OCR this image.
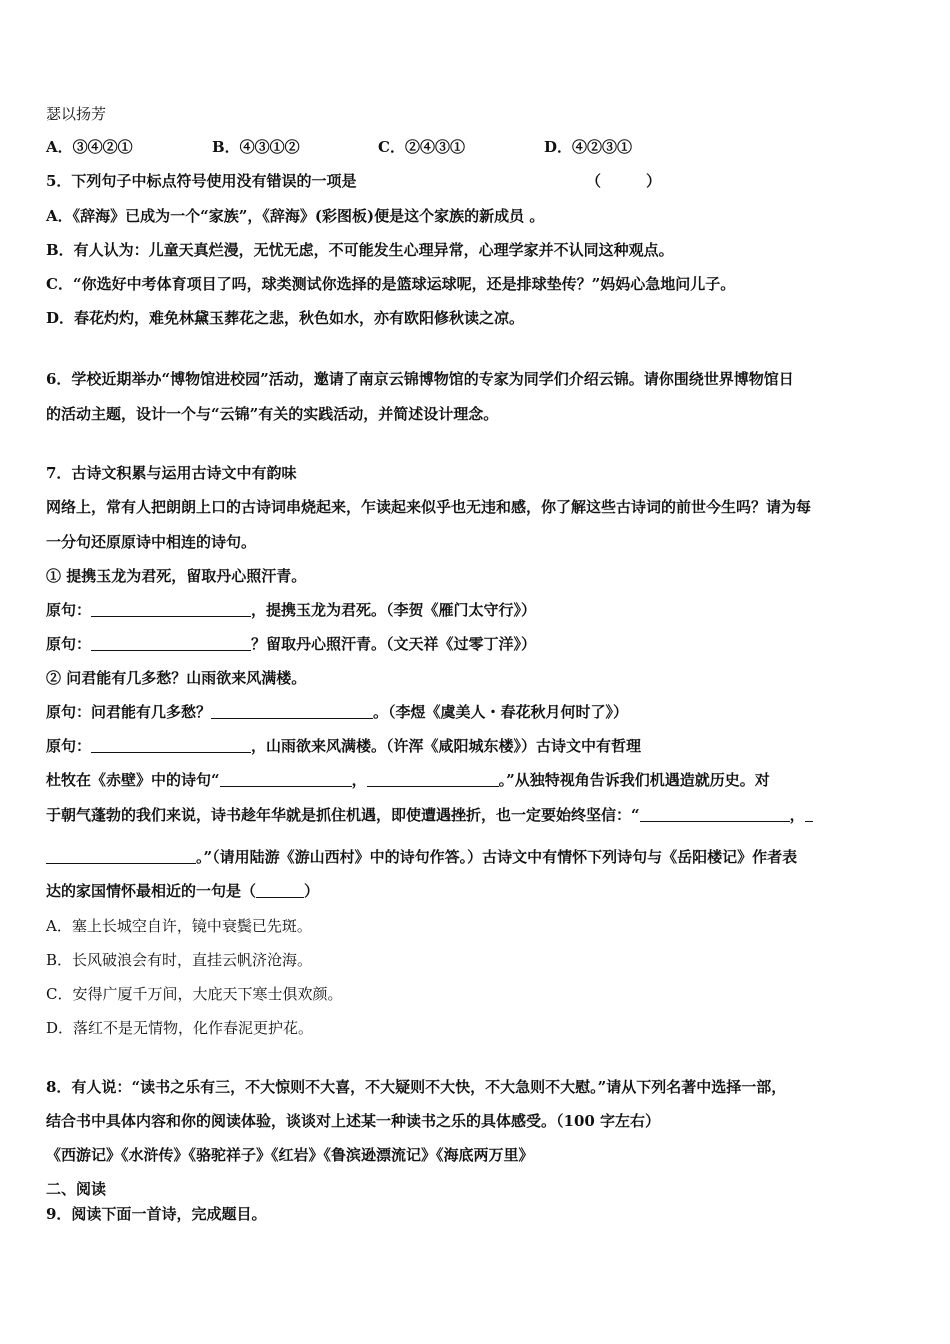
瑟以扬芳
A．③④②①	B．④③①②	C．②④③①	D．④②③①
5．下列句子中标点符号使用没有错误的一项是	（　　　）
A．《辞海》已成为一个“家族”，《辞海》(彩图板)便是这个家族的新成员 。
B．有人认为：儿童天真烂漫，无忧无虑，不可能发生心理异常，心理学家并不认同这种观点。
C．“你选好中考体育项目了吗，球类测试你选择的是篮球运球呢，还是排球垫传？”妈妈心急地问儿子。
D．春花灼灼，难免林黛玉葬花之悲，秋色如水，亦有欧阳修秋读之凉。
6．学校近期举办“博物馆进校园”活动，邀请了南京云锦博物馆的专家为同学们介绍云锦。请你围绕世界博物馆日
的活动主题，设计一个与“云锦”有关的实践活动，并简述设计理念。
7．古诗文积累与运用古诗文中有韵味
网络上，常有人把朗朗上口的古诗词串烧起来，乍读起来似乎也无违和感，你了解这些古诗词的前世今生吗？请为每
一分句还原原诗中相连的诗句。
① 提携玉龙为君死，留取丹心照汗青。
原句：	，提携玉龙为君死。（李贺《雁门太守行》）
原句：	？留取丹心照汗青。（文天祥《过零丁洋》）
② 问君能有几多愁？山雨欲来风满楼。
原句：问君能有几多愁？	。（李煜《虞美人・春花秋月何时了》）
原句：	，山雨欲来风满楼。（许浑《咸阳城东楼》）古诗文中有哲理
杜牧在《赤壁》中的诗句“	，	。”从独特视角告诉我们机遇造就历史。对
于朝气蓬勃的我们来说，诗书趁年华就是抓住机遇，即使遭遇挫折，也一定要始终坚信：“	，
。”（请用陆游《游山西村》中的诗句作答。）古诗文中有情怀下列诗句与《岳阳楼记》作者表
达的家国情怀最相近的一句是（	）
A．塞上长城空自许，镜中衰鬓已先斑。
B．长风破浪会有时，直挂云帆济沧海。
C．安得广厦千万间，大庇天下寒士俱欢颜。
D．落红不是无情物，化作春泥更护花。
8．有人说：“读书之乐有三，不大惊则不大喜，不大疑则不大快，不大急则不大慰。”请从下列名著中选择一部，
结合书中具体内容和你的阅读体验，谈谈对上述某一种读书之乐的具体感受。（100 字左右）
《西游记》《水浒传》《骆驼祥子》《红岩》《鲁滨逊漂流记》《海底两万里》
二、阅读
9．阅读下面一首诗，完成题目。
